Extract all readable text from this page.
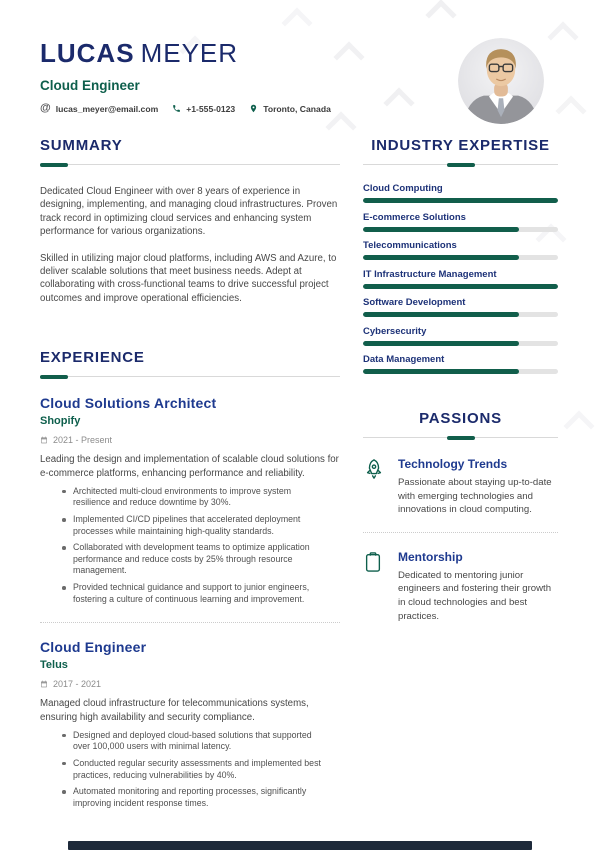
LUCAS MEYER
Cloud Engineer
@ lucas_meyer@email.com	+1-555-0123	Toronto, Canada
SUMMARY

Dedicated Cloud Engineer with over 8 years of experience in designing, implementing, and managing cloud infrastructures. Proven track record in optimizing cloud services and enhancing system performance for various organizations.

Skilled in utilizing major cloud platforms, including AWS and Azure, to deliver scalable solutions that meet business needs. Adept at collaborating with cross-functional teams to drive successful project outcomes and improve operational efficiencies.

EXPERIENCE
Cloud Solutions Architect
Shopify
2021 - Present

Leading the design and implementation of scalable cloud solutions for e-commerce platforms, enhancing performance and reliability.

Architected multi-cloud environments to improve system resilience and reduce downtime by 30%.
Implemented CI/CD pipelines that accelerated deployment processes while maintaining high-quality standards.
Collaborated with development teams to optimize application performance and reduce costs by 25% through resource management.
Provided technical guidance and support to junior engineers, fostering a culture of continuous learning and improvement.
Cloud Engineer
Telus
2017 - 2021

Managed cloud infrastructure for telecommunications systems, ensuring high availability and security compliance.

Designed and deployed cloud-based solutions that supported over 100,000 users with minimal latency.
Conducted regular security assessments and implemented best practices, reducing vulnerabilities by 40%.
Automated monitoring and reporting processes, significantly improving incident response times.
INDUSTRY EXPERTISE
Cloud Computing
E-commerce Solutions
Telecommunications
IT Infrastructure Management
Software Development
Cybersecurity
Data Management
PASSIONS
Technology Trends

Passionate about staying up-to-date with emerging technologies and innovations in cloud computing.

Mentorship

Dedicated to mentoring junior engineers and fostering their growth in cloud technologies and best practices.
